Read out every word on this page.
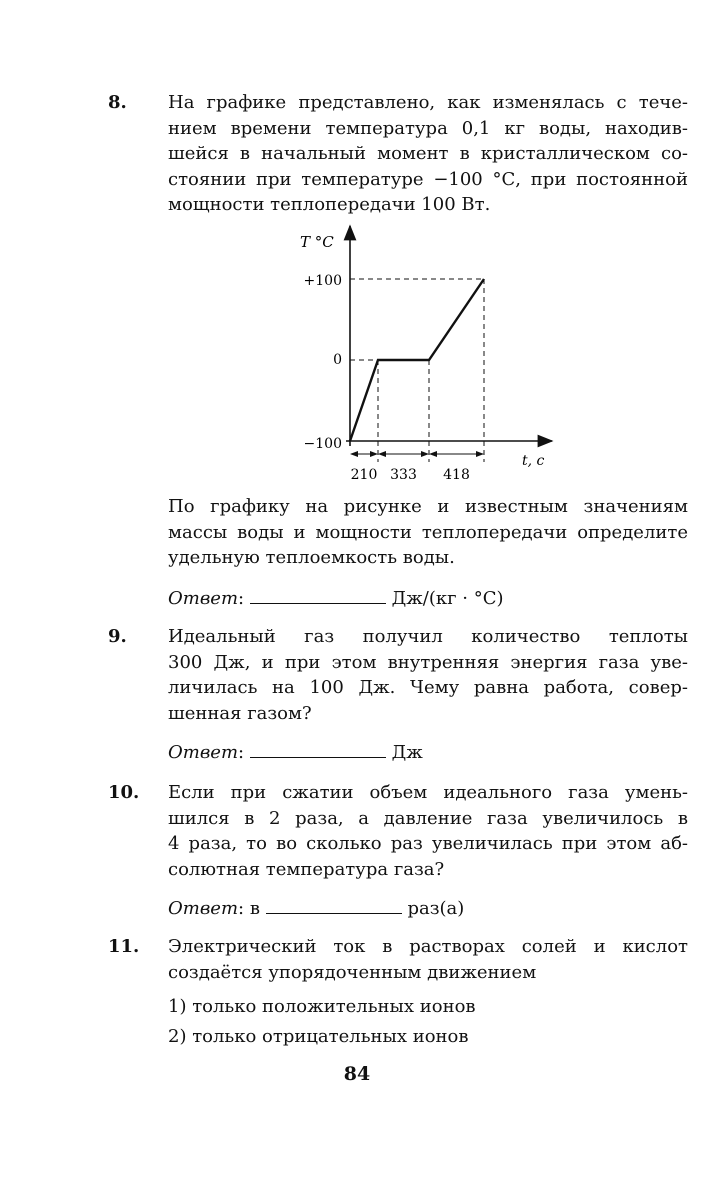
8. На графике представлено, как изменялась с тече-
нием времени температура 0,1 кг воды, находив-
шейся в начальный момент в кристаллическом со-
стоянии при температуре −100 °С, при постоянной
мощности теплопередачи 100 Вт.
T °C
t, c
+100
0
−100
210 333 418
По графику на рисунке и известным значениям
массы воды и мощности теплопередачи определите
удельную теплоемкость воды.
Ответ:	Дж/(кг · °С)
9. Идеальный газ получил количество теплоты
300 Дж, и при этом внутренняя энергия газа уве-
личилась на 100 Дж. Чему равна работа, совер-
шенная газом?
Ответ:	Дж
10. Если при сжатии объем идеального газа умень-
шился в 2 раза, а давление газа увеличилось в
4 раза, то во сколько раз увеличилась при этом аб-
солютная температура газа?
Ответ: в	раз(а)
11. Электрический ток в растворах солей и кислот
создаётся упорядоченным движением
1) только положительных ионов
2) только отрицательных ионов
84
